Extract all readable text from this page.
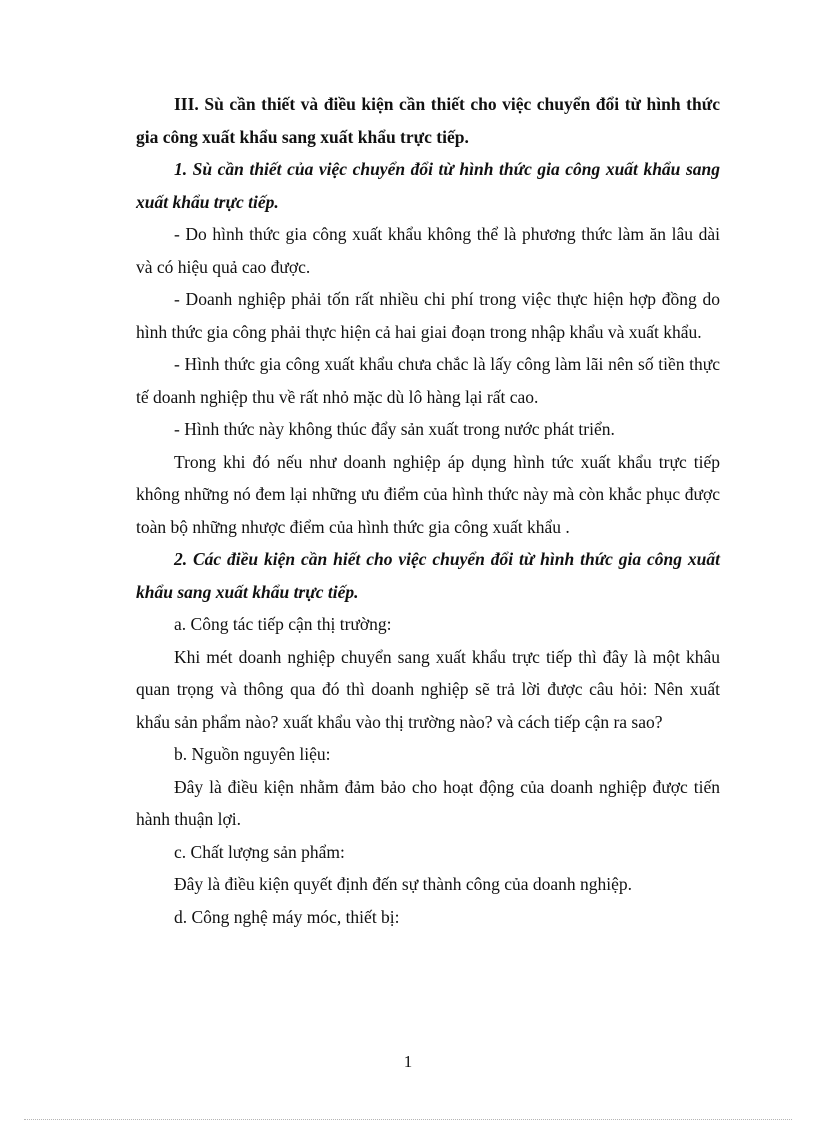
III. Sù cần thiết và điều kiện cần thiết cho việc chuyển đổi từ hình thức gia công xuất khẩu sang xuất khẩu trực tiếp.

1. Sù cần thiết của việc chuyển đổi từ hình thức gia công xuất khẩu sang xuất khẩu trực tiếp.

- Do hình thức gia công xuất khẩu không thể là phương thức làm ăn lâu dài và có hiệu quả cao được.

- Doanh nghiệp phải tốn rất nhiều chi phí trong việc thực hiện hợp đồng do hình thức gia công phải thực hiện cả hai giai đoạn trong nhập khẩu và xuất khẩu.

- Hình thức gia công xuất khẩu chưa chắc là lấy công làm lãi nên số tiền thực tế doanh nghiệp thu về rất nhỏ mặc dù lô hàng lại rất cao.

- Hình thức này không thúc đẩy sản xuất trong nước phát triển.

Trong khi đó nếu như doanh nghiệp áp dụng hình tức xuất khẩu trực tiếp không những nó đem lại những ưu điểm của hình thức này mà còn khắc phục được toàn bộ những nhược điểm của hình thức gia công xuất khẩu .

2. Các điều kiện cần hiết cho việc chuyển đổi từ hình thức gia công xuất khẩu sang xuất khẩu trực tiếp.

a. Công tác tiếp cận thị trường:

Khi mét doanh nghiệp chuyển sang xuất khẩu trực tiếp thì đây là một khâu quan trọng và thông qua đó thì doanh nghiệp sẽ trả lời được câu hỏi: Nên xuất khẩu sản phẩm nào? xuất khẩu vào thị trường nào? và cách tiếp cận ra sao?

b. Nguồn nguyên liệu:

Đây là điều kiện nhằm đảm bảo cho hoạt động của doanh nghiệp được tiến hành thuận lợi.

c. Chất lượng sản phẩm:

Đây là điều kiện quyết định đến sự thành công của doanh nghiệp.

d. Công nghệ máy móc, thiết bị:

1
